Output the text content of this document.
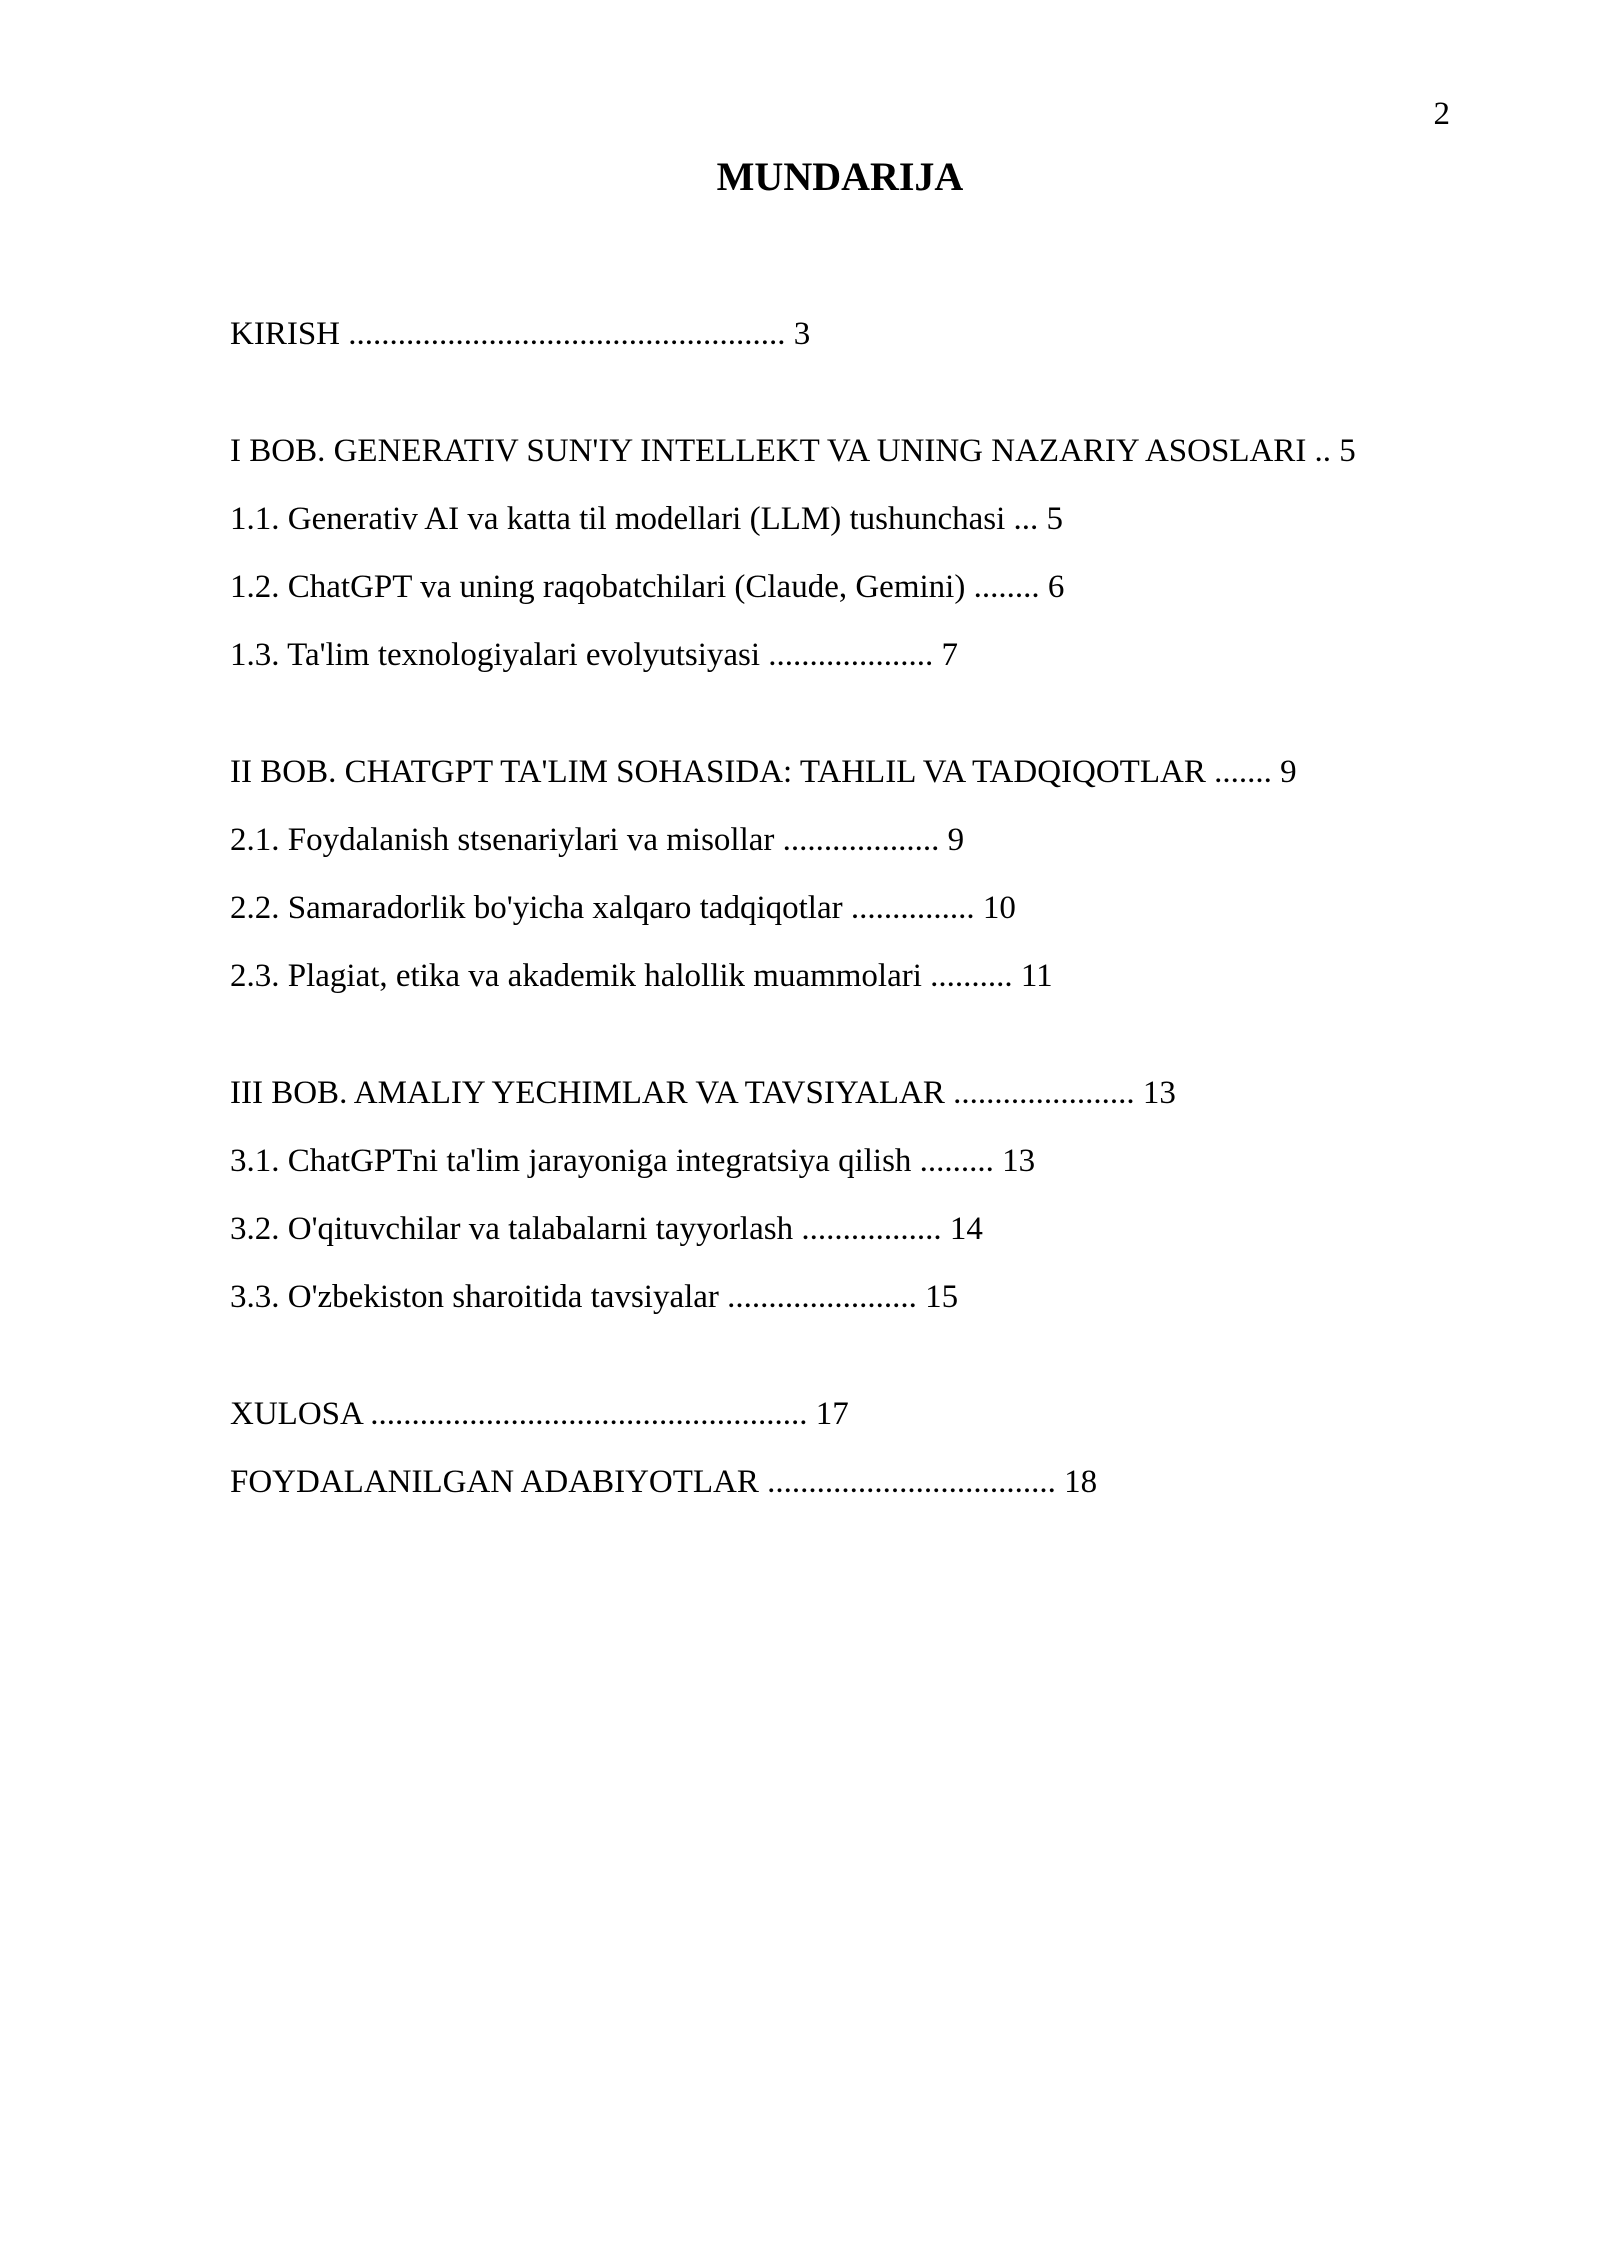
2
MUNDARIJA
KIRISH ..................................................... 3
I BOB. GENERATIV SUN'IY INTELLEKT VA UNING NAZARIY ASOSLARI .. 5
1.1. Generativ AI va katta til modellari (LLM) tushunchasi ... 5
1.2. ChatGPT va uning raqobatchilari (Claude, Gemini) ........ 6
1.3. Ta'lim texnologiyalari evolyutsiyasi .................... 7
II BOB. CHATGPT TA'LIM SOHASIDA: TAHLIL VA TADQIQOTLAR ....... 9
2.1. Foydalanish stsenariylari va misollar ................... 9
2.2. Samaradorlik bo'yicha xalqaro tadqiqotlar ............... 10
2.3. Plagiat, etika va akademik halollik muammolari .......... 11
III BOB. AMALIY YECHIMLAR VA TAVSIYALAR ...................... 13
3.1. ChatGPTni ta'lim jarayoniga integratsiya qilish ......... 13
3.2. O'qituvchilar va talabalarni tayyorlash ................. 14
3.3. O'zbekiston sharoitida tavsiyalar ....................... 15
XULOSA ..................................................... 17
FOYDALANILGAN ADABIYOTLAR ................................... 18
